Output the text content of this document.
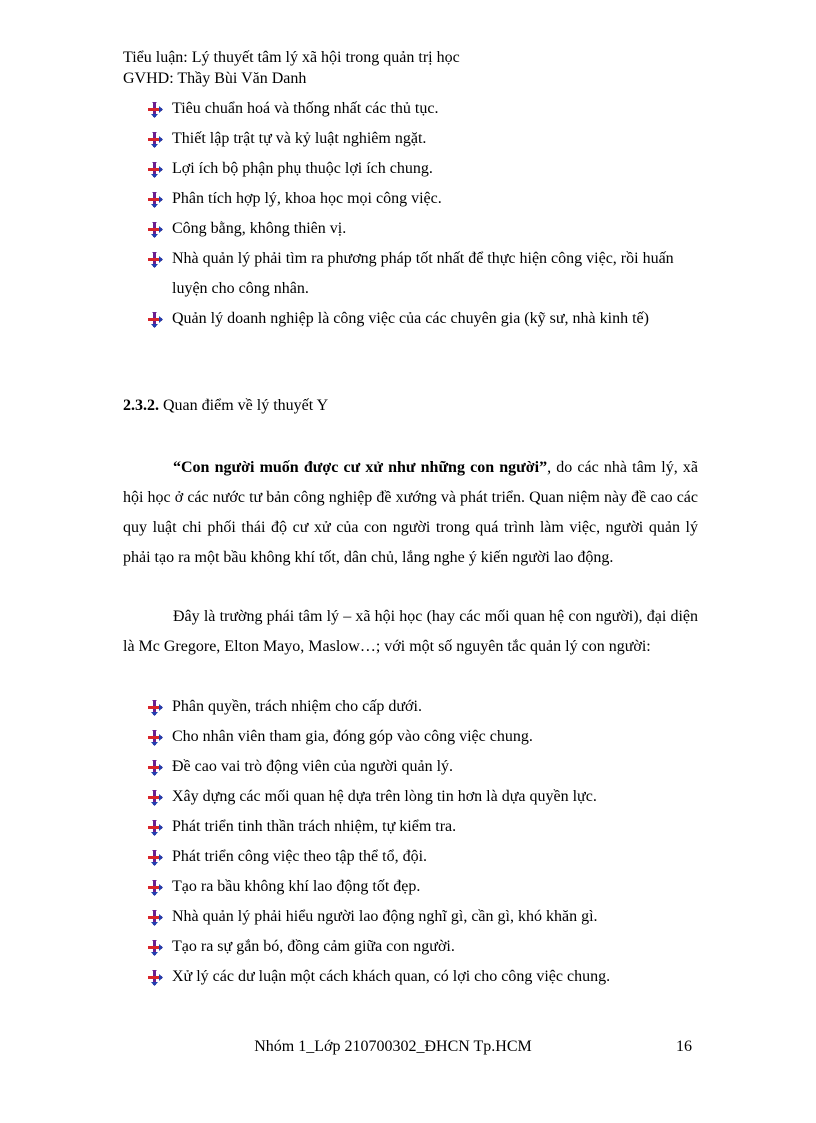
Tiểu luận: Lý thuyết tâm lý xã hội trong quản trị học
GVHD: Thầy Bùi Văn Danh
Tiêu chuẩn hoá và thống nhất các thủ tục.
Thiết lập trật tự và kỷ luật nghiêm ngặt.
Lợi ích bộ phận phụ thuộc lợi ích chung.
Phân tích hợp lý, khoa học mọi công việc.
Công bằng, không thiên vị.
Nhà quản lý phải tìm ra phương pháp tốt nhất để thực hiện công việc, rồi huấn luyện cho công nhân.
Quản lý doanh nghiệp là công việc của các chuyên gia (kỹ sư, nhà kinh tế)
2.3.2. Quan điểm về lý thuyết Y
“Con người muốn được cư xử như những con người”, do các nhà tâm lý, xã hội học ở các nước tư bản công nghiệp đề xướng và phát triển. Quan niệm này đề cao các quy luật chi phối thái độ cư xử của con người trong quá trình làm việc, người quản lý phải tạo ra một bầu không khí tốt, dân chủ, lắng nghe ý kiến người lao động.
Đây là trường phái tâm lý – xã hội học (hay các mối quan hệ con người), đại diện là Mc Gregore, Elton Mayo, Maslow…; với một số nguyên tắc quản lý con người:
Phân quyền, trách nhiệm cho cấp dưới.
Cho nhân viên tham gia, đóng góp vào công việc chung.
Đề cao vai trò động viên của người quản lý.
Xây dựng các mối quan hệ dựa trên lòng tin hơn là dựa quyền lực.
Phát triển tinh thần trách nhiệm, tự kiểm tra.
Phát triển công việc theo tập thể tổ, đội.
Tạo ra bầu không khí lao động tốt đẹp.
Nhà quản lý phải hiểu người lao động nghĩ gì, cần gì, khó khăn gì.
Tạo ra sự gắn bó, đồng cảm giữa con người.
Xử lý các dư luận một cách khách quan, có lợi cho công việc chung.
Nhóm 1_Lớp 210700302_ĐHCN Tp.HCM	16
